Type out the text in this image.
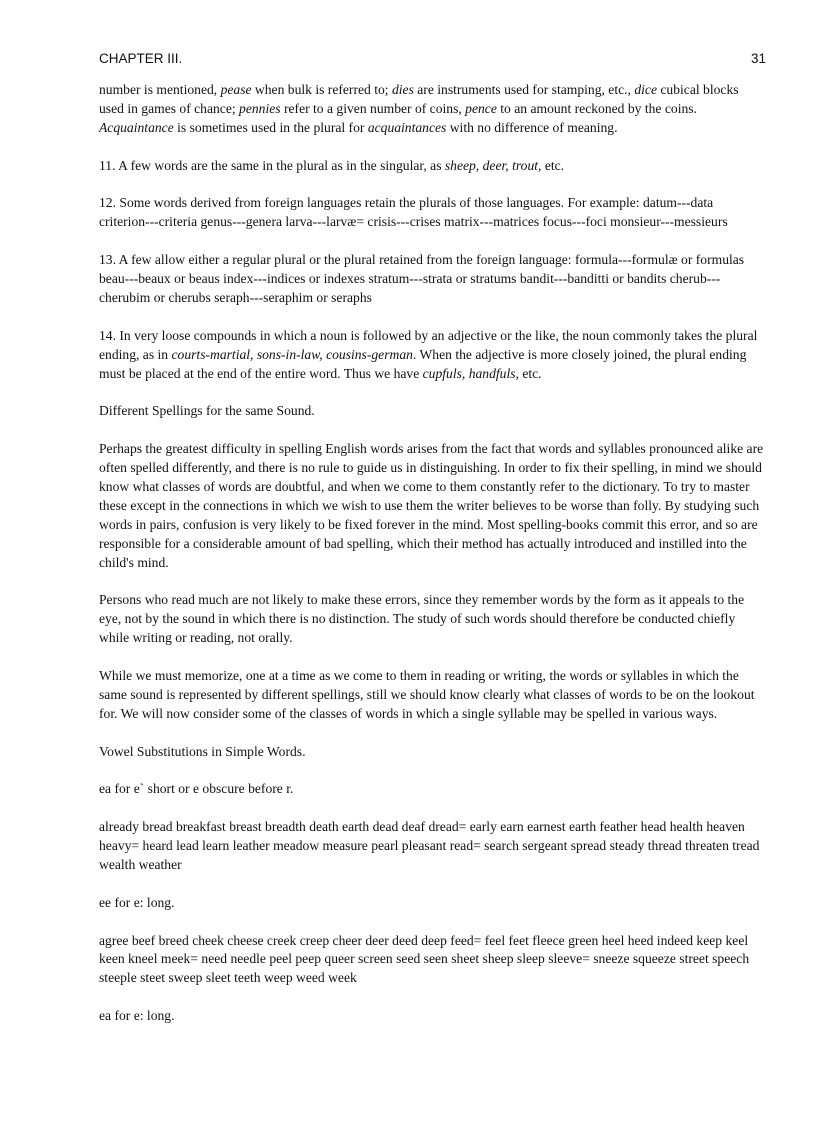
CHAPTER III.	31

number is mentioned, pease when bulk is referred to; dies are instruments used for stamping, etc., dice cubical blocks used in games of chance; pennies refer to a given number of coins, pence to an amount reckoned by the coins. Acquaintance is sometimes used in the plural for acquaintances with no difference of meaning.

11. A few words are the same in the plural as in the singular, as sheep, deer, trout, etc.

12. Some words derived from foreign languages retain the plurals of those languages. For example: datum---data criterion---criteria genus---genera larva---larvæ= crisis---crises matrix---matrices focus---foci monsieur---messieurs

13. A few allow either a regular plural or the plural retained from the foreign language: formula---formulæ or formulas beau---beaux or beaus index---indices or indexes stratum---strata or stratums bandit---banditti or bandits cherub---cherubim or cherubs seraph---seraphim or seraphs

14. In very loose compounds in which a noun is followed by an adjective or the like, the noun commonly takes the plural ending, as in courts-martial, sons-in-law, cousins-german. When the adjective is more closely joined, the plural ending must be placed at the end of the entire word. Thus we have cupfuls, handfuls, etc.

Different Spellings for the same Sound.

Perhaps the greatest difficulty in spelling English words arises from the fact that words and syllables pronounced alike are often spelled differently, and there is no rule to guide us in distinguishing. In order to fix their spelling, in mind we should know what classes of words are doubtful, and when we come to them constantly refer to the dictionary. To try to master these except in the connections in which we wish to use them the writer believes to be worse than folly. By studying such words in pairs, confusion is very likely to be fixed forever in the mind. Most spelling-books commit this error, and so are responsible for a considerable amount of bad spelling, which their method has actually introduced and instilled into the child's mind.

Persons who read much are not likely to make these errors, since they remember words by the form as it appeals to the eye, not by the sound in which there is no distinction. The study of such words should therefore be conducted chiefly while writing or reading, not orally.

While we must memorize, one at a time as we come to them in reading or writing, the words or syllables in which the same sound is represented by different spellings, still we should know clearly what classes of words to be on the lookout for. We will now consider some of the classes of words in which a single syllable may be spelled in various ways.

Vowel Substitutions in Simple Words.

ea for e` short or e obscure before r.

already bread breakfast breast breadth death earth dead deaf dread= early earn earnest earth feather head health heaven heavy= heard lead learn leather meadow measure pearl pleasant read= search sergeant spread steady thread threaten tread wealth weather

ee for e: long.

agree beef breed cheek cheese creek creep cheer deer deed deep feed= feel feet fleece green heel heed indeed keep keel keen kneel meek= need needle peel peep queer screen seed seen sheet sheep sleep sleeve= sneeze squeeze street speech steeple steet sweep sleet teeth weep weed week

ea for e: long.
